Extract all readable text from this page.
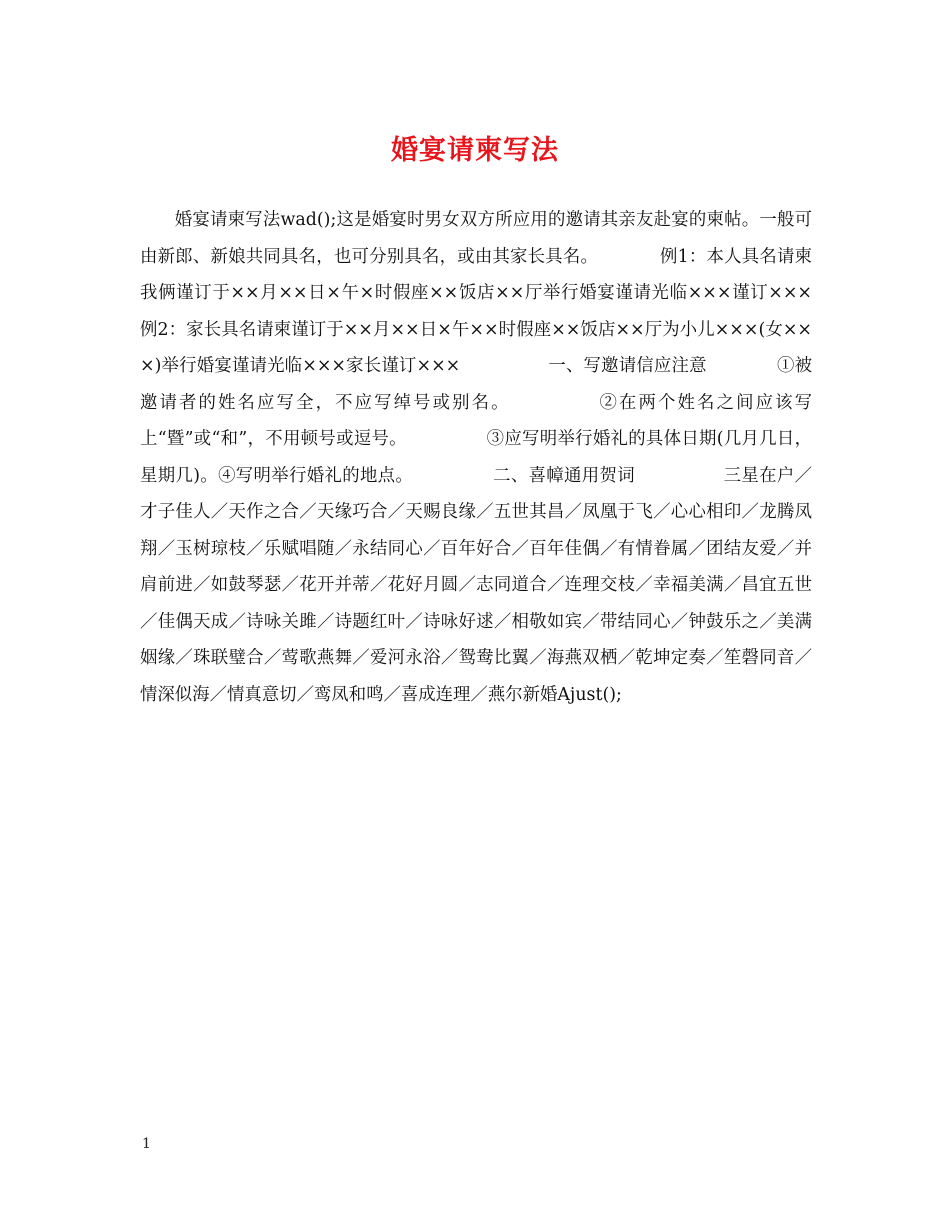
婚宴请柬写法

婚宴请柬写法wad();这是婚宴时男女双方所应用的邀请其亲友赴宴的柬帖。一般可由新郎、新娘共同具名，也可分别具名，或由其家长具名。　　　　例1：本人具名请柬我俩谨订于××月××日×午×时假座××饭店××厅举行婚宴谨请光临×××谨订×××　　　　　　例2：家长具名请柬谨订于××月××日×午××时假座××饭店××厅为小儿×××(女×××)举行婚宴谨请光临×××家长谨订×××　　　　　一、写邀请信应注意　　　　①被邀请者的姓名应写全，不应写绰号或别名。　　　　　②在两个姓名之间应该写上“暨”或“和”，不用顿号或逗号。　　　　　③应写明举行婚礼的具体日期(几月几日，星期几)。④写明举行婚礼的地点。　　　　　二、喜幛通用贺词　　　　　三星在户／才子佳人／天作之合／天缘巧合／天赐良缘／五世其昌／凤凰于飞／心心相印／龙腾凤翔／玉树琼枝／乐赋唱随／永结同心／百年好合／百年佳偶／有情眷属／团结友爱／并肩前进／如鼓琴瑟／花开并蒂／花好月圆／志同道合／连理交枝／幸福美满／昌宜五世／佳偶天成／诗咏关雎／诗题红叶／诗咏好逑／相敬如宾／带结同心／钟鼓乐之／美满姻缘／珠联璧合／莺歌燕舞／爱河永浴／鸳鸯比翼／海燕双栖／乾坤定奏／笙磬同音／情深似海／情真意切／鸾凤和鸣／喜成连理／燕尔新婚Ajust();

1
